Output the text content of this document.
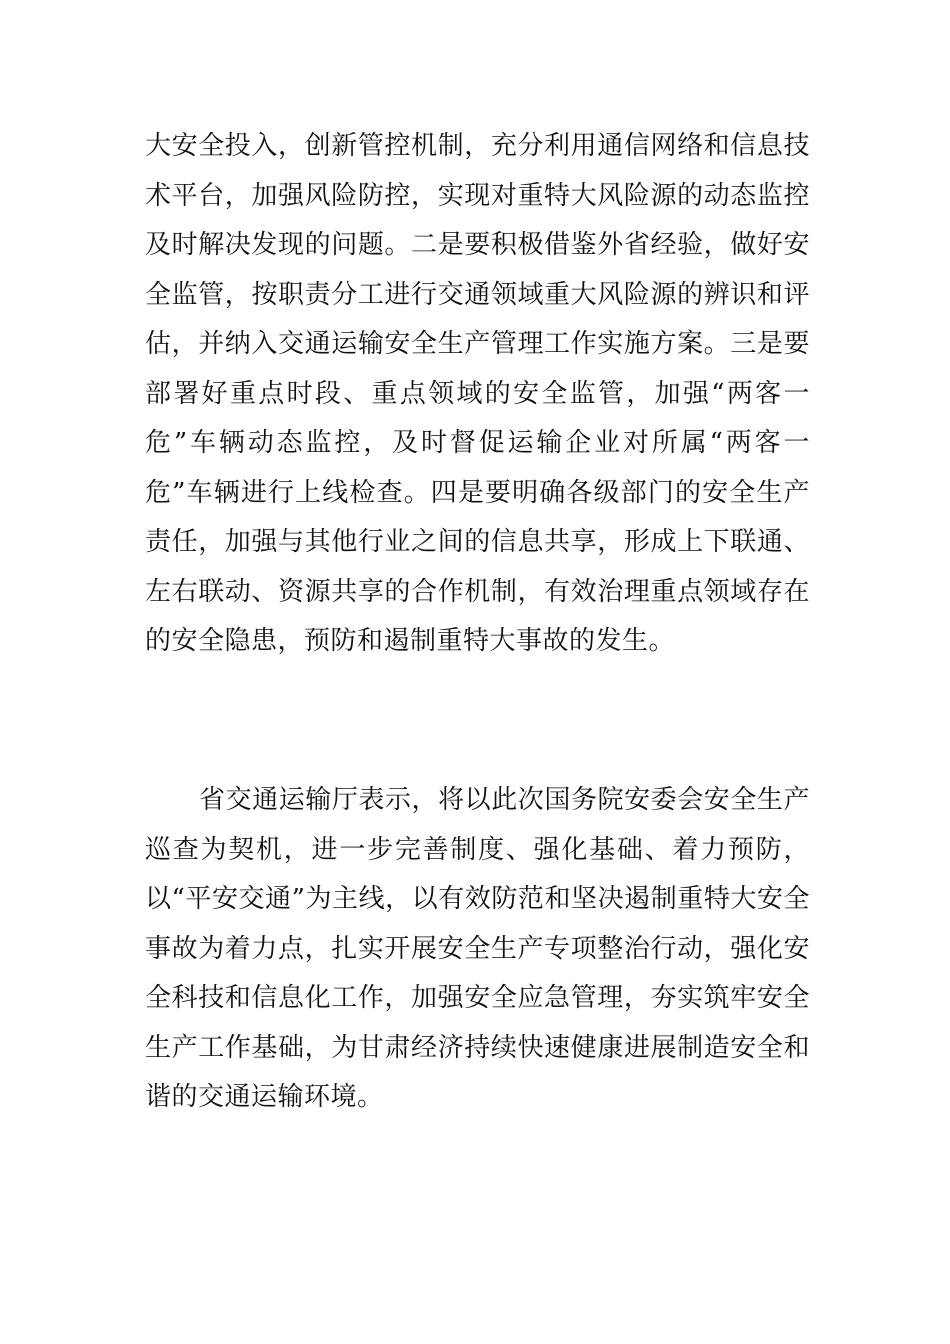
大安全投入，创新管控机制，充分利用通信网络和信息技术平台，加强风险防控，实现对重特大风险源的动态监控及时解决发现的问题。二是要积极借鉴外省经验，做好安全监管，按职责分工进行交通领域重大风险源的辨识和评估，并纳入交通运输安全生产管理工作实施方案。三是要部署好重点时段、重点领域的安全监管，加强“两客一危”车辆动态监控，及时督促运输企业对所属“两客一危”车辆进行上线检查。四是要明确各级部门的安全生产责任，加强与其他行业之间的信息共享，形成上下联通、左右联动、资源共享的合作机制，有效治理重点领域存在的安全隐患，预防和遏制重特大事故的发生。

省交通运输厅表示，将以此次国务院安委会安全生产巡查为契机，进一步完善制度、强化基础、着力预防，以“平安交通”为主线，以有效防范和坚决遏制重特大安全事故为着力点，扎实开展安全生产专项整治行动，强化安全科技和信息化工作，加强安全应急管理，夯实筑牢安全生产工作基础，为甘肃经济持续快速健康进展制造安全和谐的交通运输环境。
